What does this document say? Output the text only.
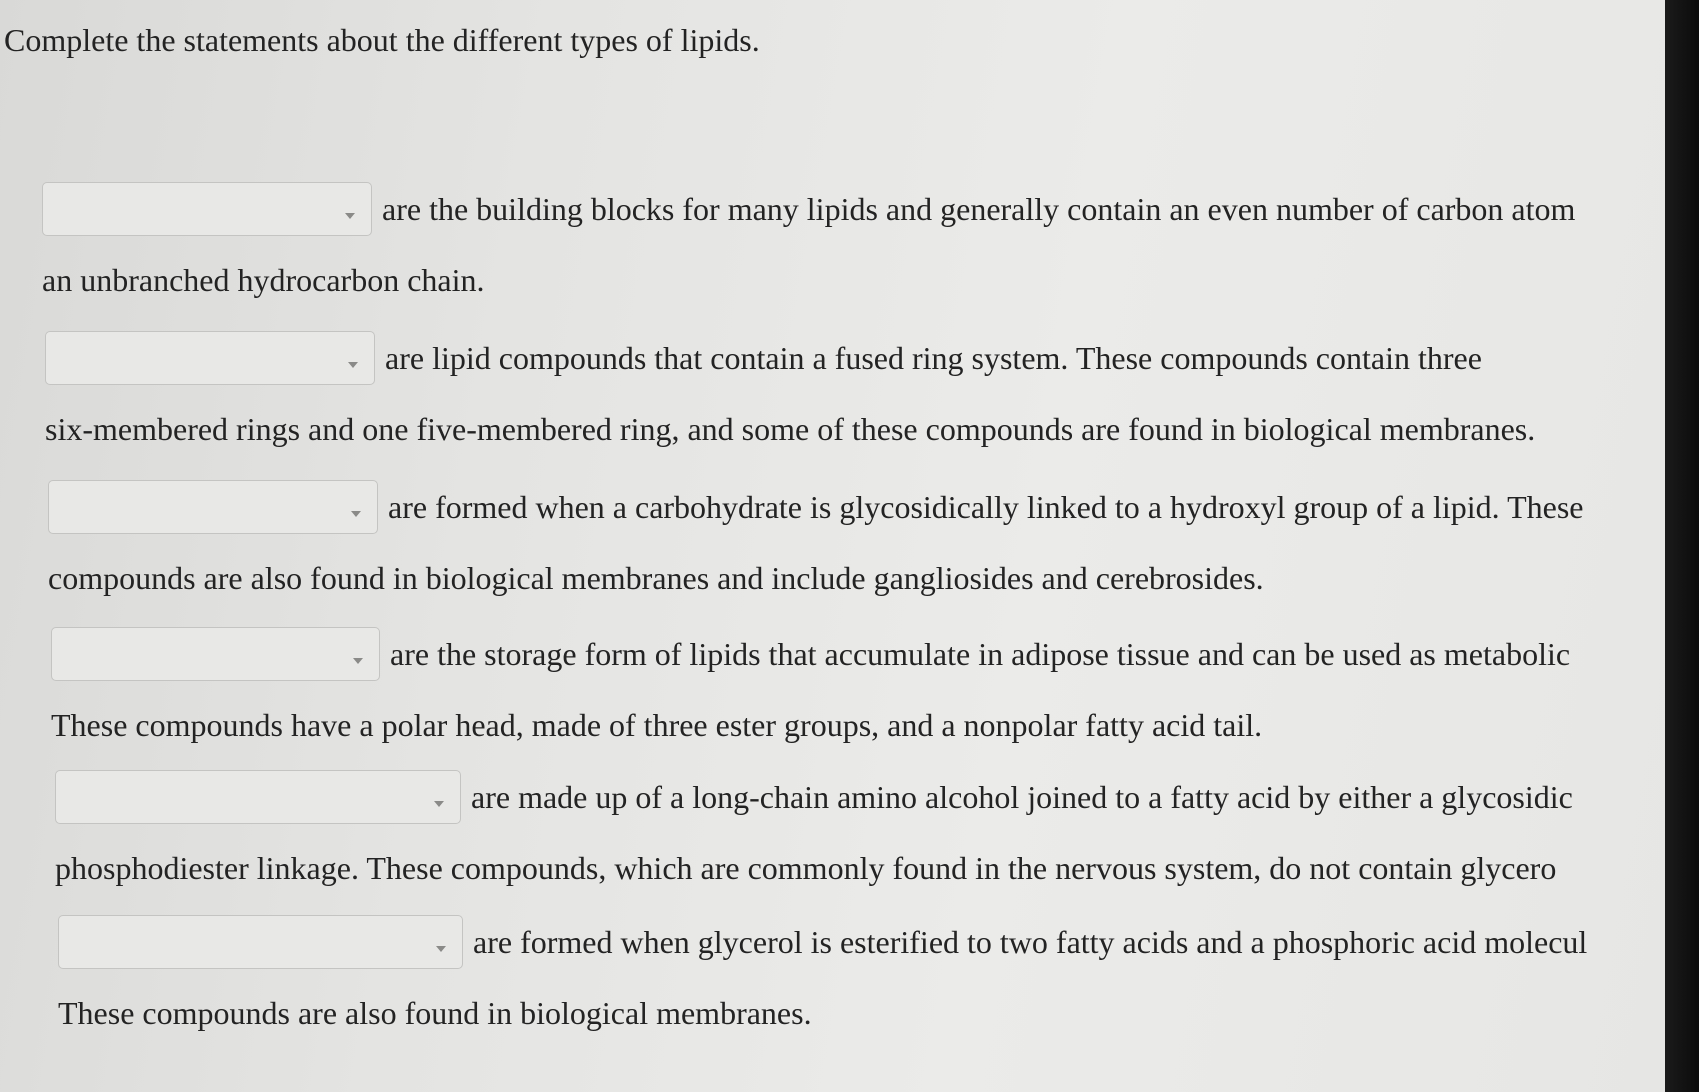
Complete the statements about the different types of lipids.
are the building blocks for many lipids and generally contain an even number of carbon atom
an unbranched hydrocarbon chain.
are lipid compounds that contain a fused ring system. These compounds contain three
six-membered rings and one five-membered ring, and some of these compounds are found in biological membranes.
are formed when a carbohydrate is glycosidically linked to a hydroxyl group of a lipid. These
compounds are also found in biological membranes and include gangliosides and cerebrosides.
are the storage form of lipids that accumulate in adipose tissue and can be used as metabolic
These compounds have a polar head, made of three ester groups, and a nonpolar fatty acid tail.
are made up of a long-chain amino alcohol joined to a fatty acid by either a glycosidic
phosphodiester linkage. These compounds, which are commonly found in the nervous system, do not contain glycero
are formed when glycerol is esterified to two fatty acids and a phosphoric acid molecul
These compounds are also found in biological membranes.
